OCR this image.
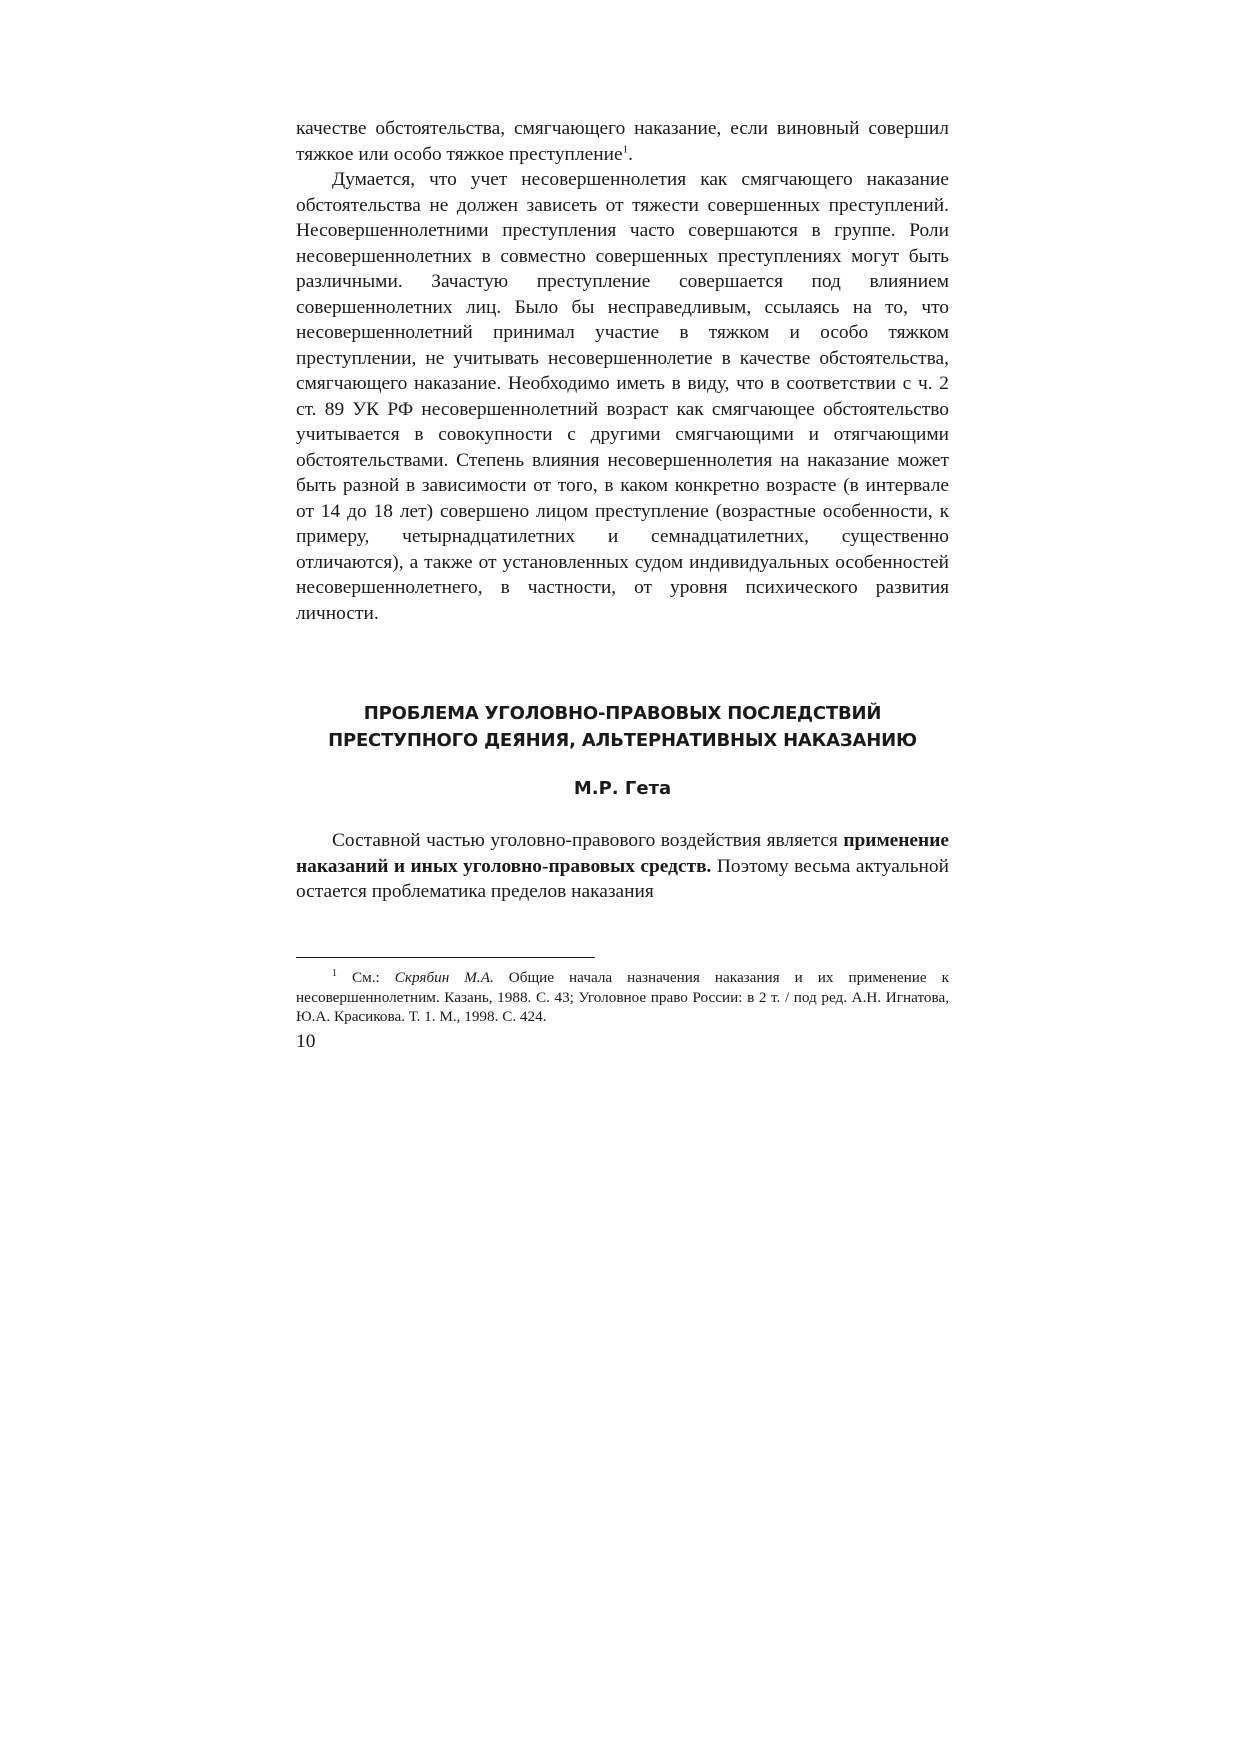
качестве обстоятельства, смягчающего наказание, если виновный совершил тяжкое или особо тяжкое преступление$^1$.

Думается, что учет несовершеннолетия как смягчающего наказание обстоятельства не должен зависеть от тяжести совершенных преступлений. Несовершеннолетними преступления часто совершаются в группе. Роли несовершеннолетних в совместно совершенных преступлениях могут быть различными. Зачастую преступление совершается под влиянием совершеннолетних лиц. Было бы несправедливым, ссылаясь на то, что несовершеннолетний принимал участие в тяжком и особо тяжком преступлении, не учитывать несовершеннолетие в качестве обстоятельства, смягчающего наказание. Необходимо иметь в виду, что в соответствии с ч. 2 ст. 89 УК РФ несовершеннолетний возраст как смягчающее обстоятельство учитывается в совокупности с другими смягчающими и отягчающими обстоятельствами. Степень влияния несовершеннолетия на наказание может быть разной в зависимости от того, в каком конкретно возрасте (в интервале от 14 до 18 лет) совершено лицом преступление (возрастные особенности, к примеру, четырнадцатилетних и семнадцатилетних, существенно отличаются), а также от установленных судом индивидуальных особенностей несовершеннолетнего, в частности, от уровня психического развития личности.

ПРОБЛЕМА УГОЛОВНО-ПРАВОВЫХ ПОСЛЕДСТВИЙ
ПРЕСТУПНОГО ДЕЯНИЯ, АЛЬТЕРНАТИВНЫХ НАКАЗАНИЮ
М.Р. Гета

Составной частью уголовно-правового воздействия является применение наказаний и иных уголовно-правовых средств. Поэтому весьма актуальной остается проблематика пределов наказания

$^1$ См.: Скрябин М.А. Общие начала назначения наказания и их применение к несовершеннолетним. Казань, 1988. С. 43; Уголовное право России: в 2 т. / под ред. А.Н. Игнатова, Ю.А. Красикова. Т. 1. М., 1998. С. 424.

10
